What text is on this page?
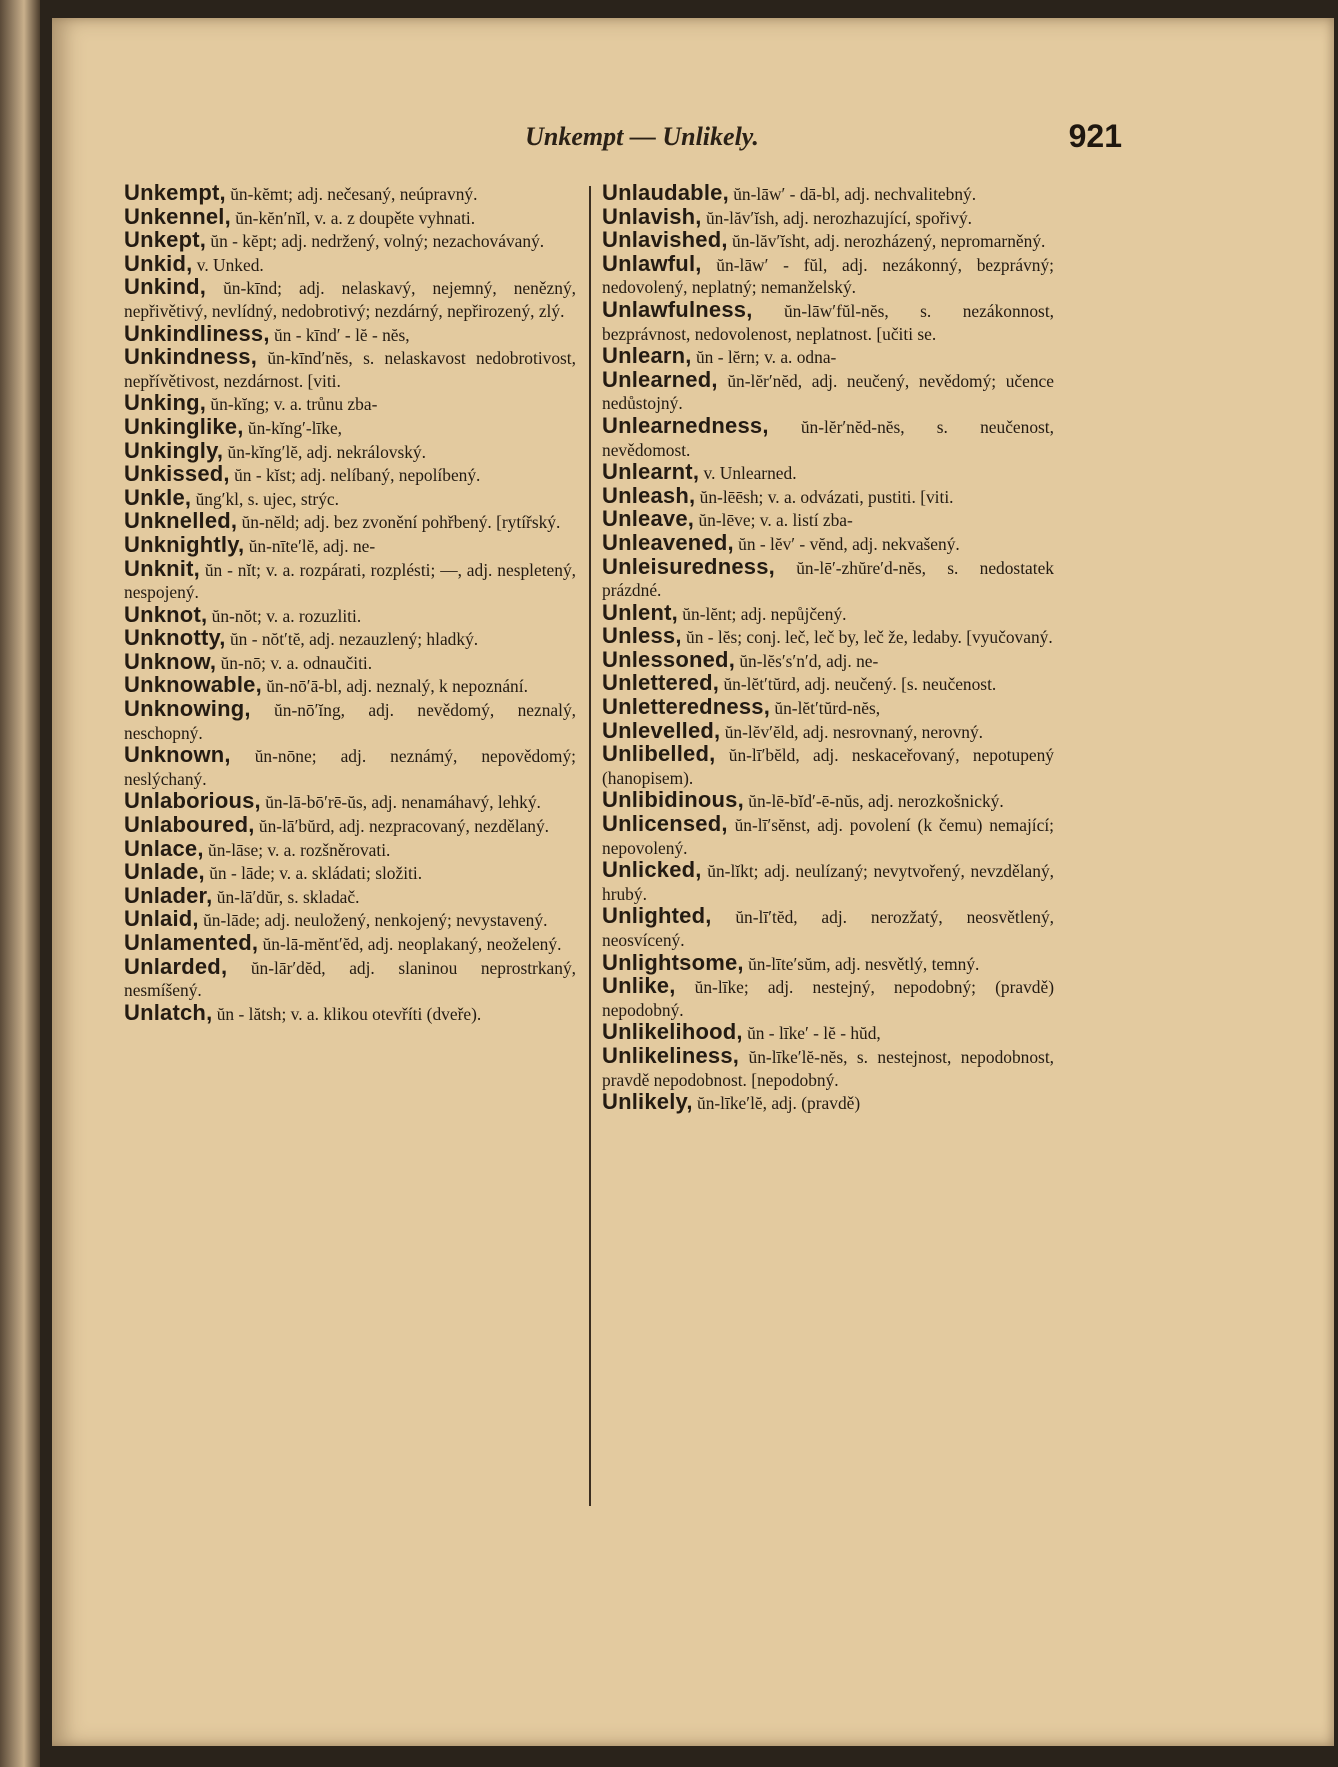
Unkempt — Unlikely.	921

Unkempt, ŭn-kĕmt; adj. nečesaný, neúpravný.

Unkennel, ŭn-kĕn′nĭl, v. a. z doupěte vyhnati.

Unkept, ŭn - kĕpt; adj. nedržený, volný; nezachovávaný.

Unkid, v. Unked.

Unkind, ŭn-kīnd; adj. nelaskavý, nejemný, nenězný, nepřivětivý, nevlídný, nedobrotivý; nezdárný, nepřirozený, zlý.

Unkindliness, ŭn - kīnd′ - lĕ - nĕs,

Unkindness, ŭn-kīnd′nĕs, s. nelaskavost nedobrotivost, nepřívětivost, nezdárnost. [viti.

Unking, ŭn-kĭng; v. a. trůnu zba-

Unkinglike, ŭn-kĭng′-līke,

Unkingly, ŭn-kĭng′lĕ, adj. nekrálovský.

Unkissed, ŭn - kĭst; adj. nelíbaný, nepolíbený.

Unkle, ŭng′kl, s. ujec, strýc.

Unknelled, ŭn-nĕld; adj. bez zvonění pohřbený. [rytířský.

Unknightly, ŭn-nīte′lĕ, adj. ne-

Unknit, ŭn - nĭt; v. a. rozpárati, rozplésti; —, adj. nespletený, nespojený.

Unknot, ŭn-nŏt; v. a. rozuzliti.

Unknotty, ŭn - nŏt′tĕ, adj. nezauzlený; hladký.

Unknow, ŭn-nō; v. a. odnaučiti.

Unknowable, ŭn-nō′ā-bl, adj. neznalý, k nepoznání.

Unknowing, ŭn-nō′ĭng, adj. nevědomý, neznalý, neschopný.

Unknown, ŭn-nōne; adj. neznámý, nepovědomý; neslýchaný.

Unlaborious, ŭn-lā-bō′rē-ŭs, adj. nenamáhavý, lehký.

Unlaboured, ŭn-lā′bŭrd, adj. nezpracovaný, nezdělaný.

Unlace, ŭn-lāse; v. a. rozšněrovati.

Unlade, ŭn - lāde; v. a. skládati; složiti.

Unlader, ŭn-lā′dŭr, s. skladač.

Unlaid, ŭn-lāde; adj. neuložený, nenkojený; nevystavený.

Unlamented, ŭn-lā-mĕnt′ĕd, adj. neoplakaný, neoželený.

Unlarded, ŭn-lār′dĕd, adj. slaninou neprostrkaný, nesmíšený.

Unlatch, ŭn - lătsh; v. a. klikou otevříti (dveře).

Unlaudable, ŭn-lāw′ - dā-bl, adj. nechvalitebný.

Unlavish, ŭn-lăv′ĭsh, adj. nerozhazující, spořivý.

Unlavished, ŭn-lăv′ĭsht, adj. nerozházený, nepromarněný.

Unlawful, ŭn-lāw′ - fŭl, adj. nezákonný, bezprávný; nedovolený, neplatný; nemanželský.

Unlawfulness, ŭn-lāw′fŭl-nĕs, s. nezákonnost, bezprávnost, nedovolenost, neplatnost. [učiti se.

Unlearn, ŭn - lĕrn; v. a. odna-

Unlearned, ŭn-lĕr′nĕd, adj. neučený, nevědomý; učence nedůstojný.

Unlearnedness, ŭn-lĕr′nĕd-nĕs, s. neučenost, nevědomost.

Unlearnt, v. Unlearned.

Unleash, ŭn-lēēsh; v. a. odvázati, pustiti. [viti.

Unleave, ŭn-lēve; v. a. listí zba-

Unleavened, ŭn - lĕv′ - vĕnd, adj. nekvašený.

Unleisuredness, ŭn-lē′-zhŭre′d-nĕs, s. nedostatek prázdné.

Unlent, ŭn-lĕnt; adj. nepůjčený.

Unless, ŭn - lĕs; conj. leč, leč by, leč že, ledaby. [vyučovaný.

Unlessoned, ŭn-lĕs′s′n′d, adj. ne-

Unlettered, ŭn-lĕt′tŭrd, adj. neučený. [s. neučenost.

Unletteredness, ŭn-lĕt′tŭrd-nĕs,

Unlevelled, ŭn-lĕv′ĕld, adj. nesrovnaný, nerovný.

Unlibelled, ŭn-lī′bĕld, adj. neskaceřovaný, nepotupený (hanopisem).

Unlibidinous, ŭn-lē-bĭd′-ē-nŭs, adj. nerozkošnický.

Unlicensed, ŭn-lī′sĕnst, adj. povolení (k čemu) nemající; nepovolený.

Unlicked, ŭn-lĭkt; adj. neulízaný; nevytvořený, nevzdělaný, hrubý.

Unlighted, ŭn-lī′tĕd, adj. nerozžatý, neosvětlený, neosvícený.

Unlightsome, ŭn-līte′sŭm, adj. nesvětlý, temný.

Unlike, ŭn-līke; adj. nestejný, nepodobný; (pravdě) nepodobný.

Unlikelihood, ŭn - līke′ - lĕ - hŭd,

Unlikeliness, ŭn-līke′lĕ-nĕs, s. nestejnost, nepodobnost, pravdě nepodobnost. [nepodobný.

Unlikely, ŭn-līke′lĕ, adj. (pravdě)
